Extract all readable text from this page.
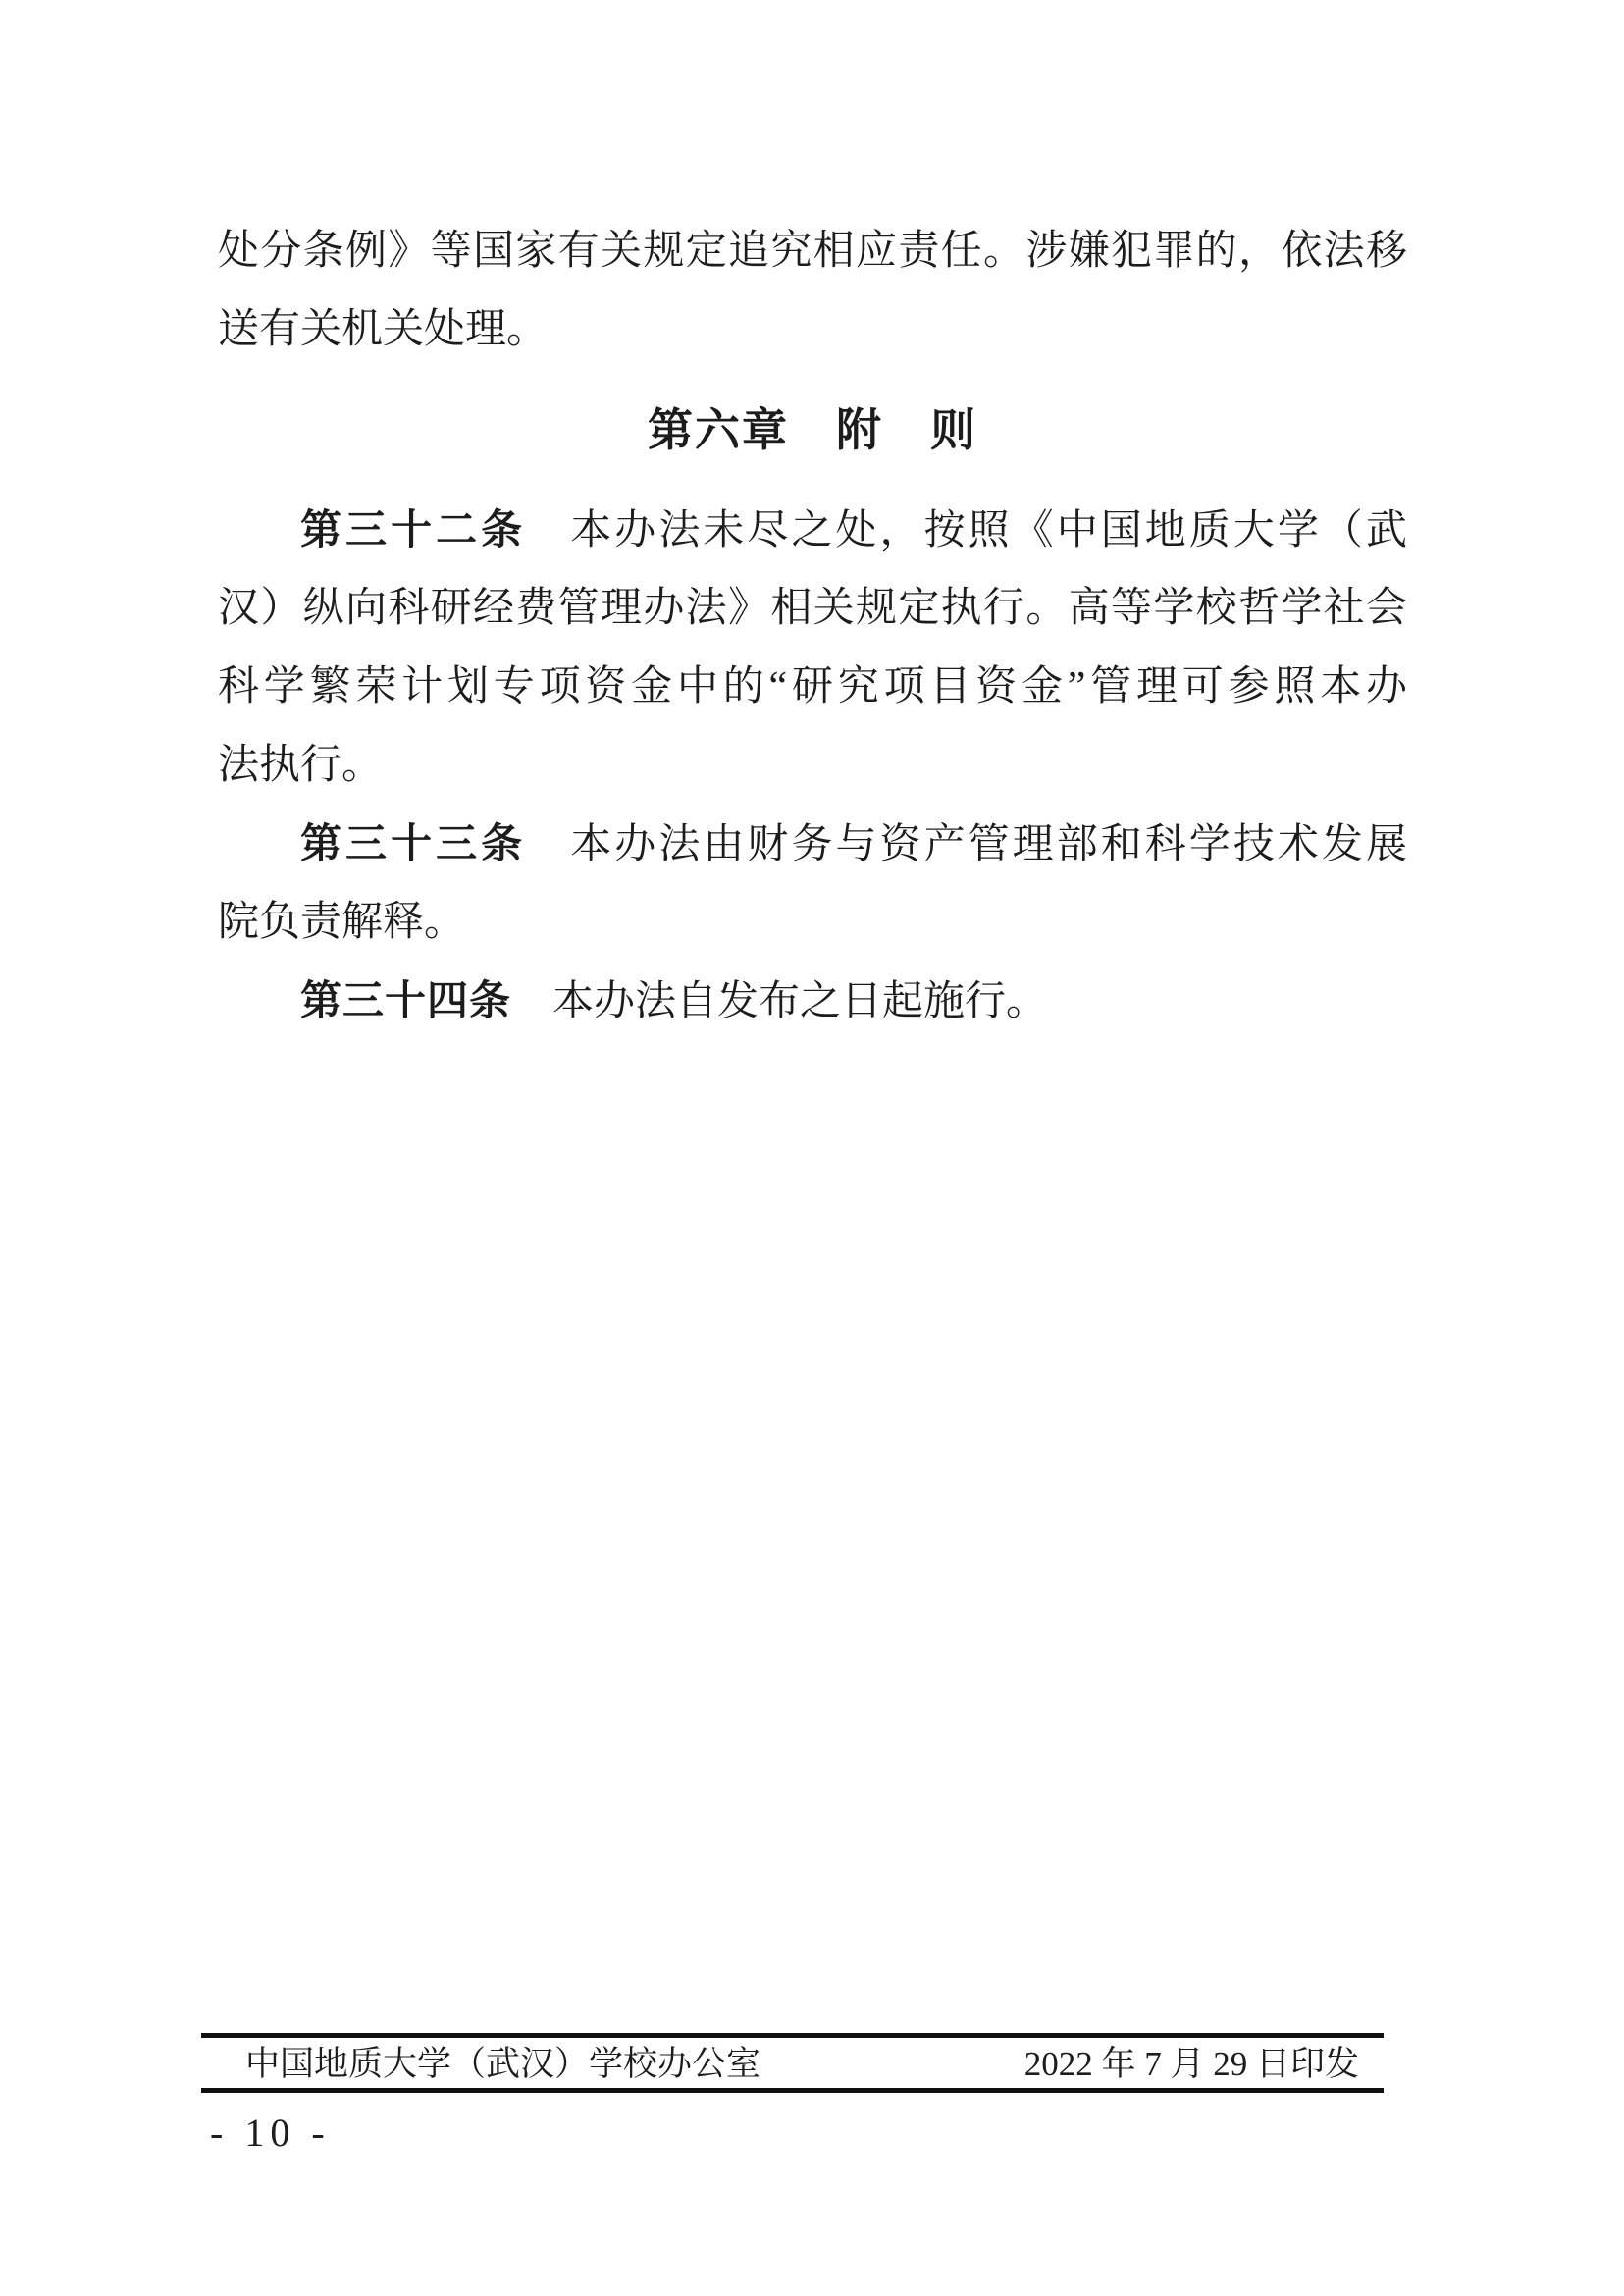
处分条例》等国家有关规定追究相应责任。涉嫌犯罪的，依法移
送有关机关处理。
第六章　附　则
第三十二条　本办法未尽之处，按照《中国地质大学（武
汉）纵向科研经费管理办法》相关规定执行。高等学校哲学社会
科学繁荣计划专项资金中的“研究项目资金”管理可参照本办
法执行。
第三十三条　本办法由财务与资产管理部和科学技术发展
院负责解释。
第三十四条　本办法自发布之日起施行。
中国地质大学（武汉）学校办公室	2022 年 7 月 29 日印发
- 10 -
